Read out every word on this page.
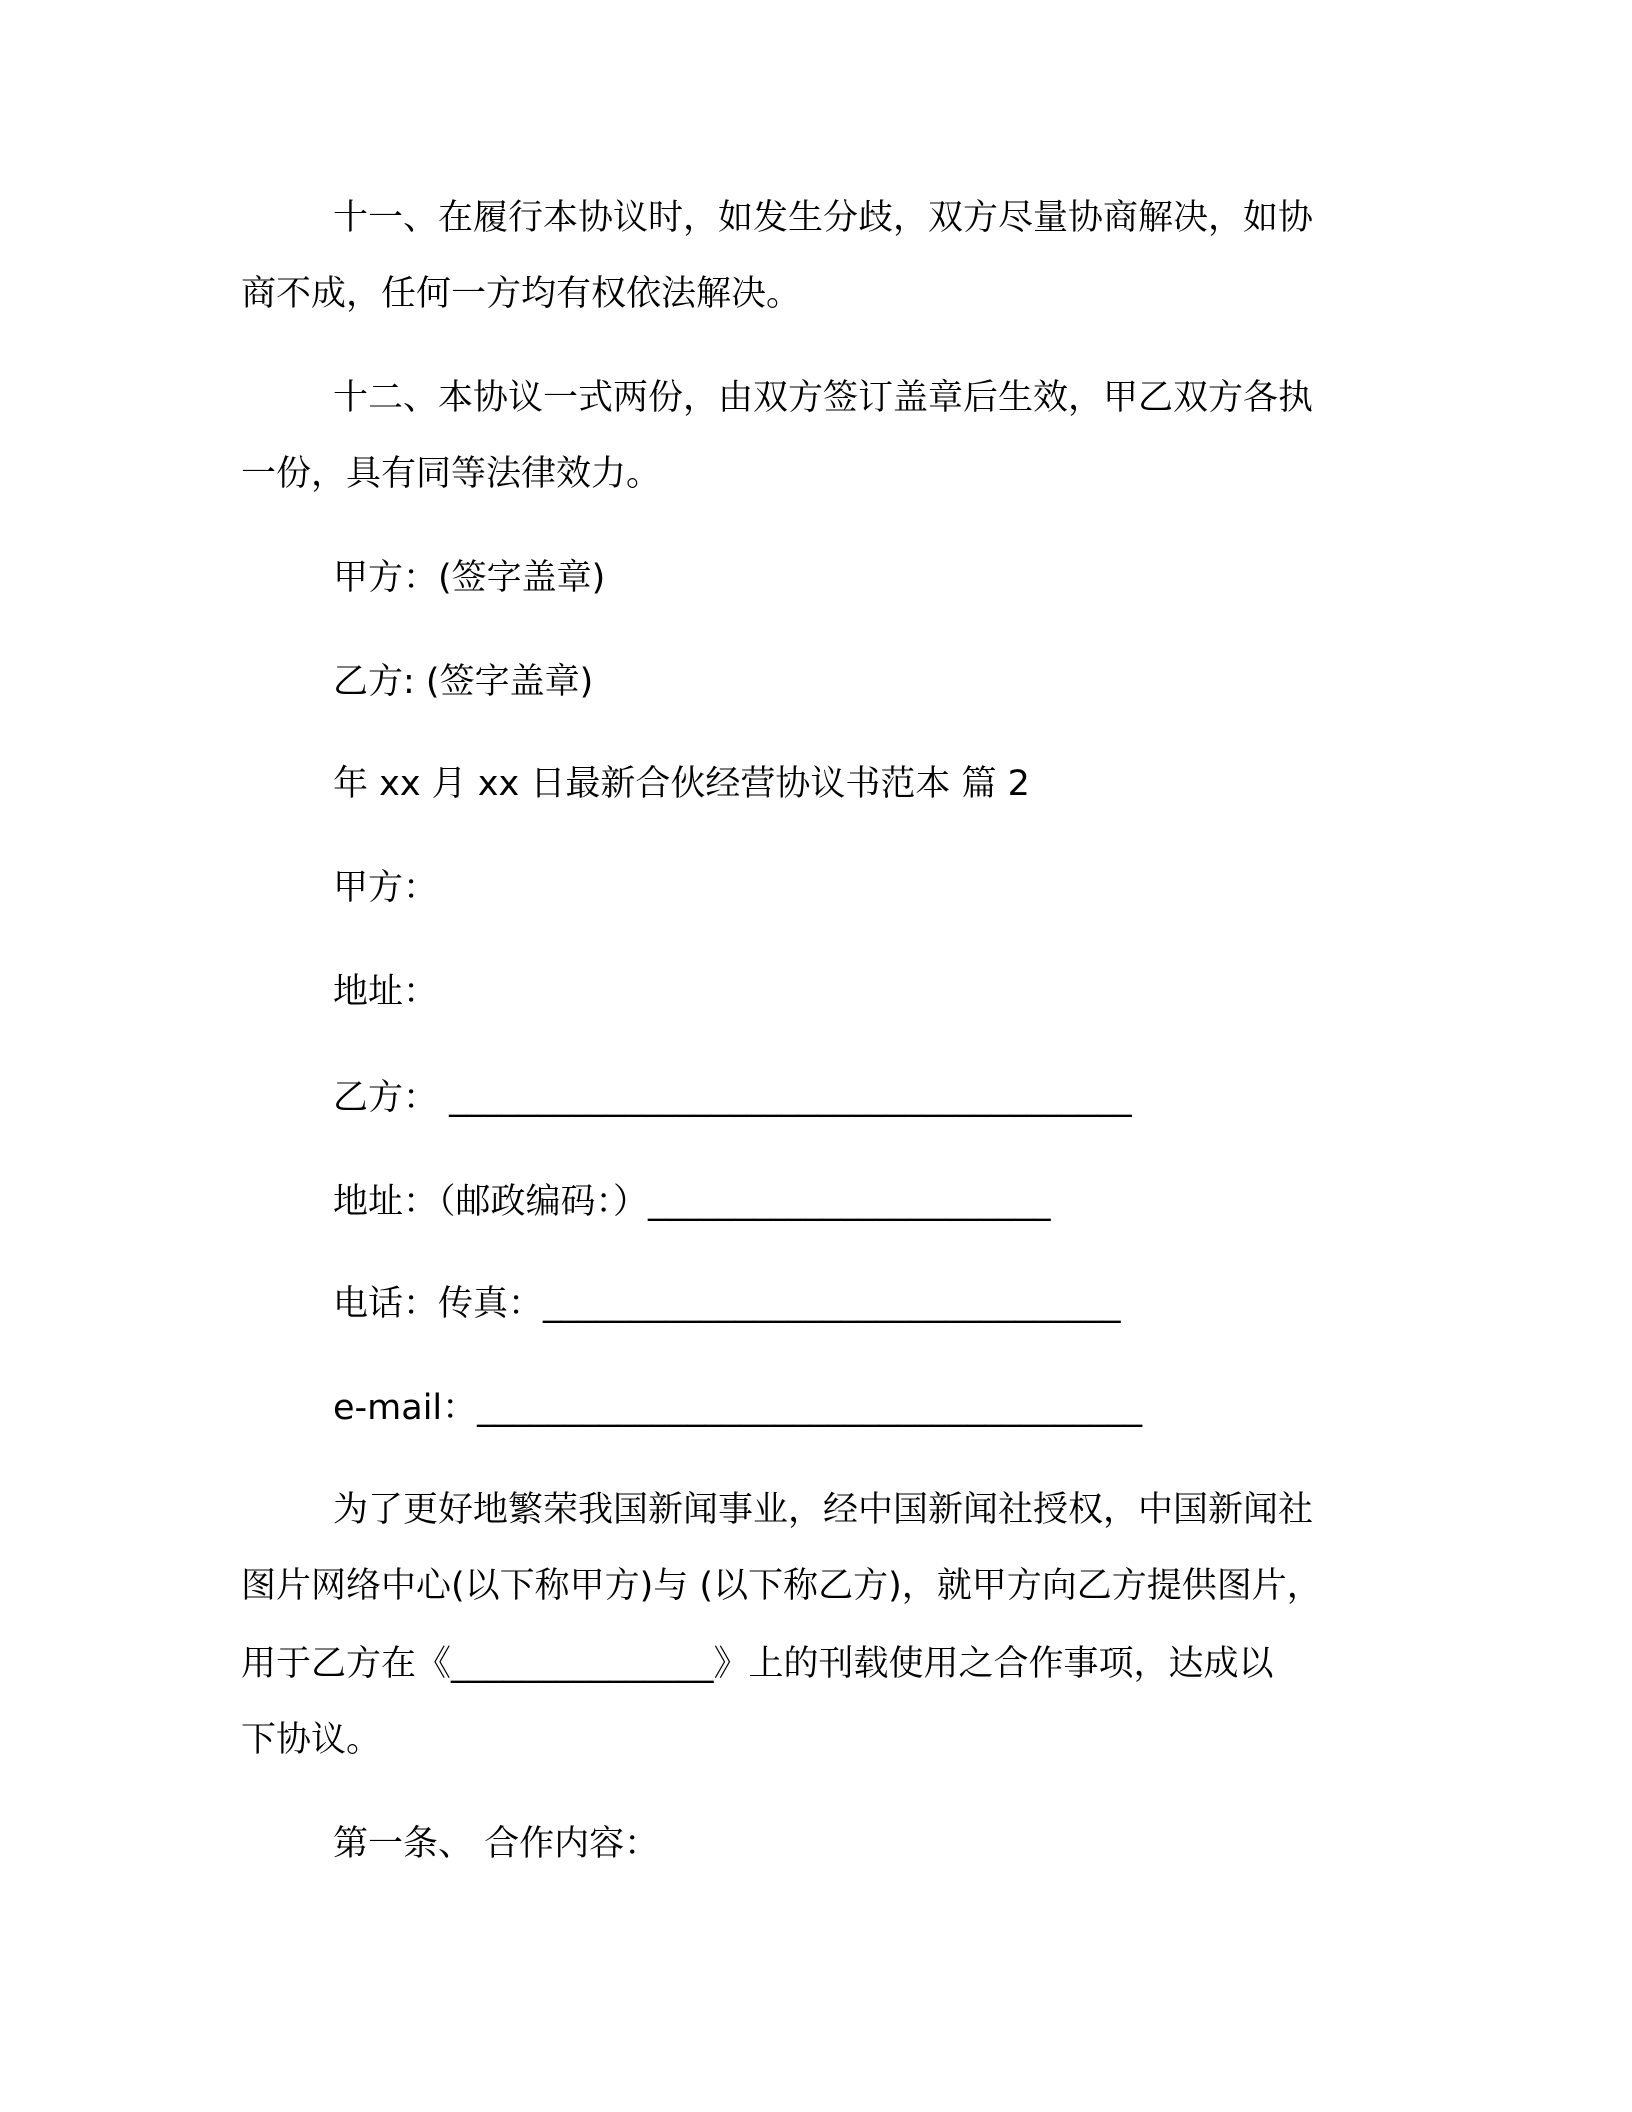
十一、在履行本协议时，如发生分歧，双方尽量协商解决，如协
商不成，任何一方均有权依法解决。
十二、本协议一式两份，由双方签订盖章后生效，甲乙双方各执
一份，具有同等法律效力。
甲方：(签字盖章)
乙方: (签字盖章)
年 xx 月 xx 日最新合伙经营协议书范本 篇 2
甲方：
地址：
乙方： _______________________________________
地址：（邮政编码：）_______________________
电话：传真：_________________________________
e-mail：______________________________________
为了更好地繁荣我国新闻事业，经中国新闻社授权，中国新闻社
图片网络中心(以下称甲方)与 (以下称乙方)，就甲方向乙方提供图片，
用于乙方在《_______________》上的刊载使用之合作事项，达成以
下协议。
第一条、 合作内容：
